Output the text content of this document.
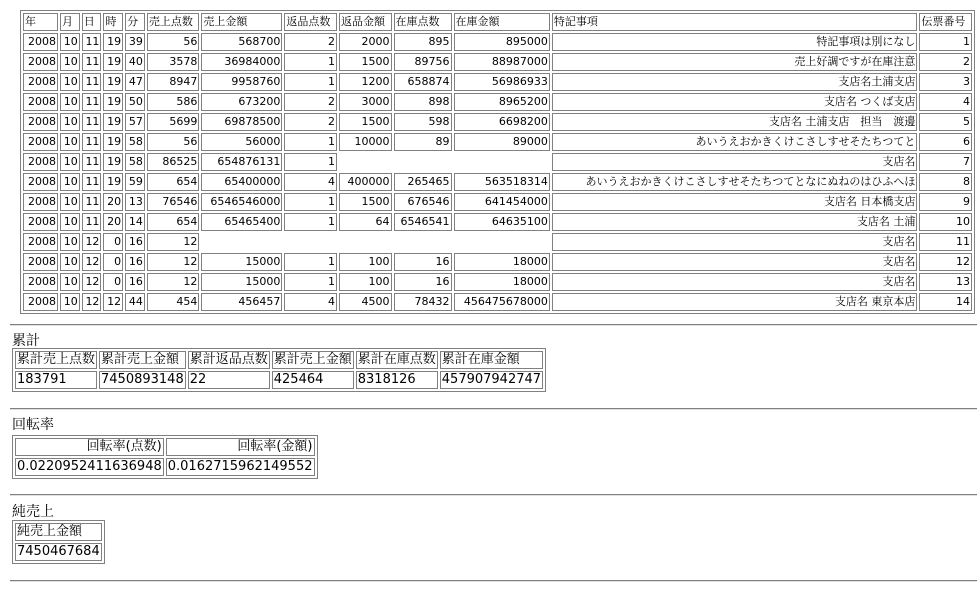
年	月	日	時	分	売上点数	売上金額	返品点数	返品金額	在庫点数	在庫金額	特記事項	伝票番号
2008	10	11	19	39	56	568700	2	2000	895	895000	特記事項は別になし	1
2008	10	11	19	40	3578	36984000	1	1500	89756	88987000	売上好調ですが在庫注意	2
2008	10	11	19	47	8947	9958760	1	1200	658874	56986933	支店名土浦支店	3
2008	10	11	19	50	586	673200	2	3000	898	8965200	支店名 つくば支店	4
2008	10	11	19	57	5699	69878500	2	1500	598	6698200	支店名 土浦支店　担当　渡邊	5
2008	10	11	19	58	56	56000	1	10000	89	89000	あいうえおかきくけこさしすせそたちつてと	6
2008	10	11	19	58	86525	654876131	1				支店名	7
2008	10	11	19	59	654	65400000	4	400000	265465	563518314	あいうえおかきくけこさしすせそたちつてとなにぬねのはひふへほ	8
2008	10	11	20	13	76546	6546546000	1	1500	676546	641454000	支店名 日本橋支店	9
2008	10	11	20	14	654	65465400	1	64	6546541	64635100	支店名 土浦	10
2008	10	12	0	16	12						支店名	11
2008	10	12	0	16	12	15000	1	100	16	18000	支店名	12
2008	10	12	0	16	12	15000	1	100	16	18000	支店名	13
2008	10	12	12	44	454	456457	4	4500	78432	456475678000	支店名 東京本店	14
累計
累計売上点数	累計売上金額	累計返品点数	累計売上金額	累計在庫点数	累計在庫金額
183791	7450893148	22	425464	8318126	457907942747
回転率
回転率(点数)	回転率(金額)
0.0220952411636948	0.0162715962149552
純売上
純売上金額
7450467684
